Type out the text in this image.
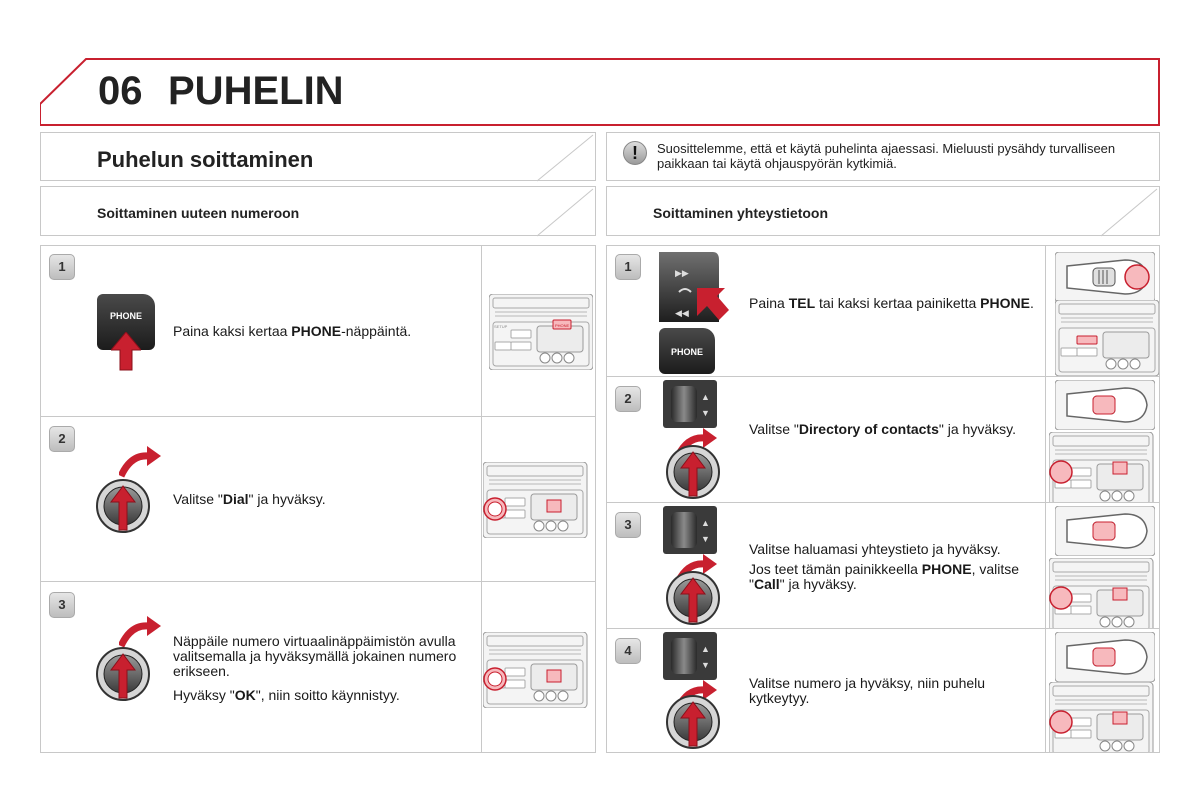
06 PUHELIN
Puhelun soittaminen	!	Suosittelemme, että et käytä puhelinta ajaessasi. Mieluusti pysähdy turvalliseen paikkaan tai käytä ohjauspyörän kytkimiä.
Soittaminen uuteen numeroon	Soittaminen yhteystietoon
1
PHONE
Paina kaksi kertaa PHONE-näppäintä.	SETUP	PHONE
2
Valitse "Dial" ja hyväksy.
3
Näppäile numero virtuaalinäppäimistön avulla valitsemalla ja hyväksymällä jokainen numero erikseen.
Hyväksy "OK", niin soitto käynnistyy.
1	▶▶
◀◀
PHONE
Paina TEL tai kaksi kertaa painiketta PHONE.
2	▲
▼
Valitse "Directory of contacts" ja hyväksy.
3	▲
▼
Valitse haluamasi yhteystieto ja hyväksy.
Jos teet tämän painikkeella PHONE, valitse "Call" ja hyväksy.
4	▲
▼
Valitse numero ja hyväksy, niin puhelu kytkeytyy.
